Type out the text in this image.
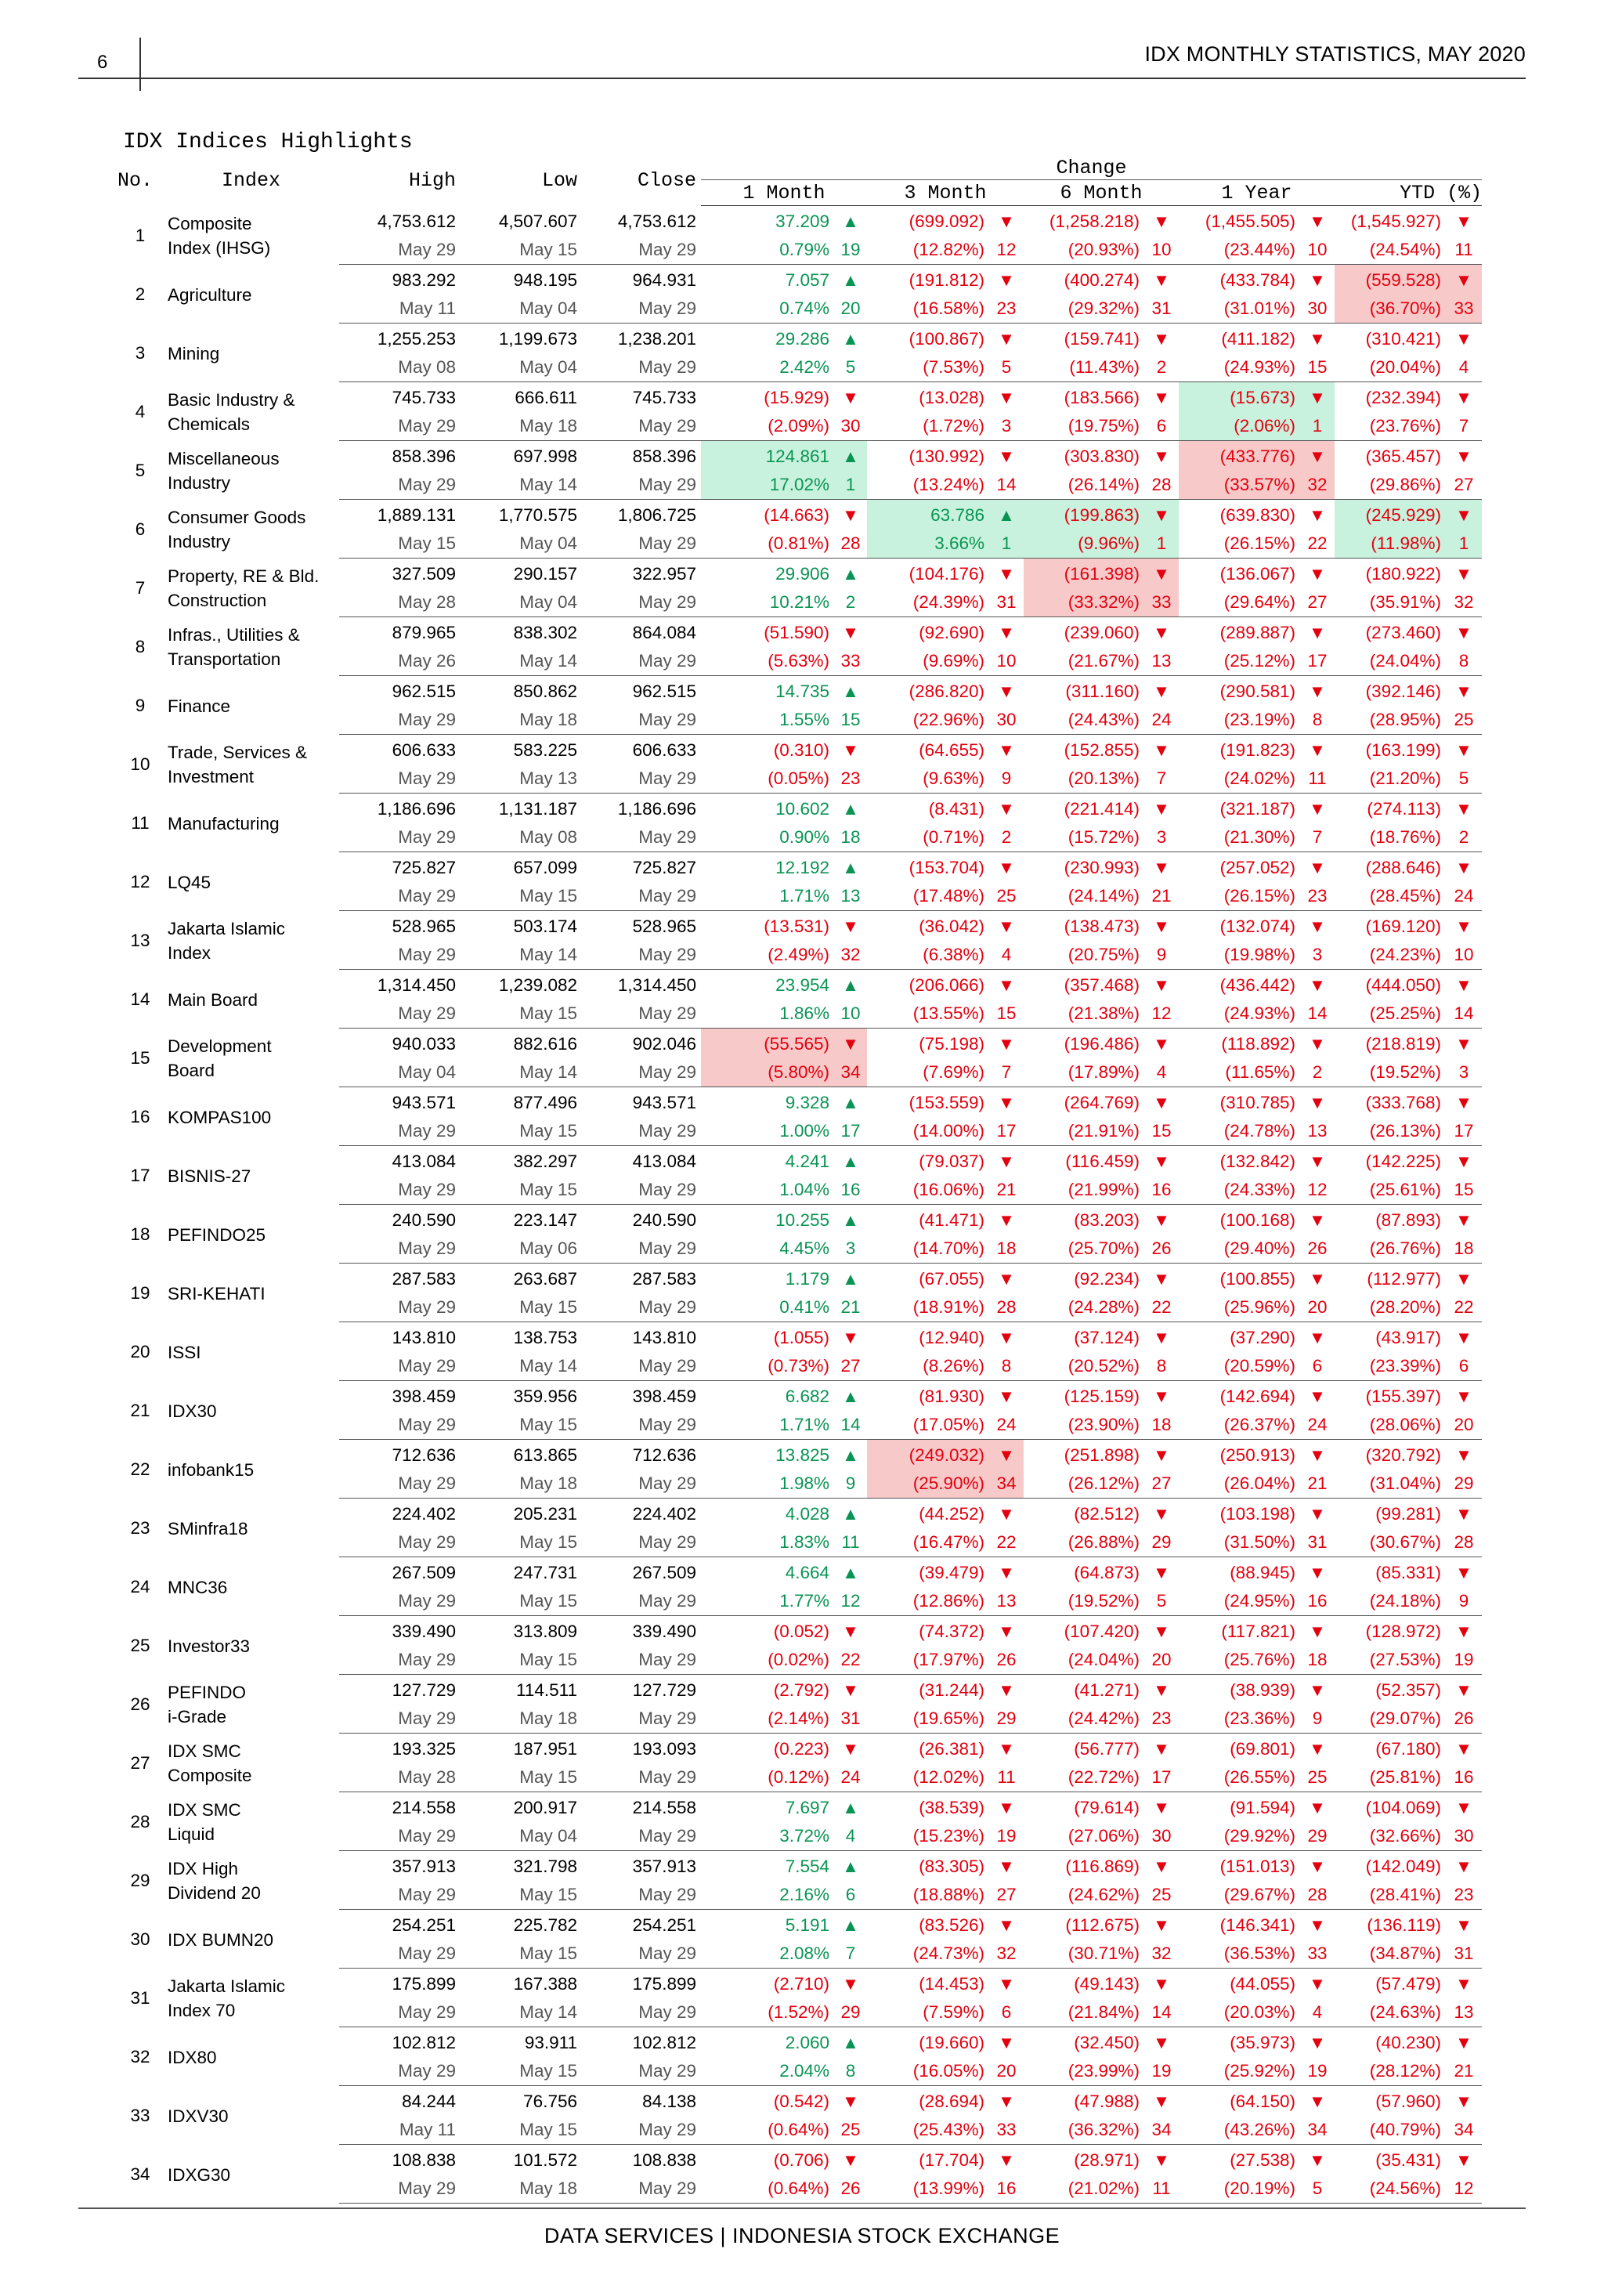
6	IDX MONTHLY STATISTICS, MAY 2020
IDX Indices Highlights
No.	Index	High	Low	Close	Change									
					1 Month		3 Month		6 Month		1 Year		YTD (%)	
1	Composite
Index (IHSG)	4,753.612	4,507.607	4,753.612	37.209	▲	(699.092)	▼	(1,258.218)	▼	(1,455.505)	▼	(1,545.927)	▼
		May 29	May 15	May 29	0.79%	19	(12.82%)	12	(20.93%)	10	(23.44%)	10	(24.54%)	11
2	Agriculture	983.292	948.195	964.931	7.057	▲	(191.812)	▼	(400.274)	▼	(433.784)	▼	(559.528)	▼
		May 11	May 04	May 29	0.74%	20	(16.58%)	23	(29.32%)	31	(31.01%)	30	(36.70%)	33
3	Mining	1,255.253	1,199.673	1,238.201	29.286	▲	(100.867)	▼	(159.741)	▼	(411.182)	▼	(310.421)	▼
		May 08	May 04	May 29	2.42%	5	(7.53%)	5	(11.43%)	2	(24.93%)	15	(20.04%)	4
4	Basic Industry &
Chemicals	745.733	666.611	745.733	(15.929)	▼	(13.028)	▼	(183.566)	▼	(15.673)	▼	(232.394)	▼
		May 29	May 18	May 29	(2.09%)	30	(1.72%)	3	(19.75%)	6	(2.06%)	1	(23.76%)	7
5	Miscellaneous
Industry	858.396	697.998	858.396	124.861	▲	(130.992)	▼	(303.830)	▼	(433.776)	▼	(365.457)	▼
		May 29	May 14	May 29	17.02%	1	(13.24%)	14	(26.14%)	28	(33.57%)	32	(29.86%)	27
6	Consumer Goods
Industry	1,889.131	1,770.575	1,806.725	(14.663)	▼	63.786	▲	(199.863)	▼	(639.830)	▼	(245.929)	▼
		May 15	May 04	May 29	(0.81%)	28	3.66%	1	(9.96%)	1	(26.15%)	22	(11.98%)	1
7	Property, RE & Bld.
Construction	327.509	290.157	322.957	29.906	▲	(104.176)	▼	(161.398)	▼	(136.067)	▼	(180.922)	▼
		May 28	May 04	May 29	10.21%	2	(24.39%)	31	(33.32%)	33	(29.64%)	27	(35.91%)	32
8	Infras., Utilities &
Transportation	879.965	838.302	864.084	(51.590)	▼	(92.690)	▼	(239.060)	▼	(289.887)	▼	(273.460)	▼
		May 26	May 14	May 29	(5.63%)	33	(9.69%)	10	(21.67%)	13	(25.12%)	17	(24.04%)	8
9	Finance	962.515	850.862	962.515	14.735	▲	(286.820)	▼	(311.160)	▼	(290.581)	▼	(392.146)	▼
		May 29	May 18	May 29	1.55%	15	(22.96%)	30	(24.43%)	24	(23.19%)	8	(28.95%)	25
10	Trade, Services &
Investment	606.633	583.225	606.633	(0.310)	▼	(64.655)	▼	(152.855)	▼	(191.823)	▼	(163.199)	▼
		May 29	May 13	May 29	(0.05%)	23	(9.63%)	9	(20.13%)	7	(24.02%)	11	(21.20%)	5
11	Manufacturing	1,186.696	1,131.187	1,186.696	10.602	▲	(8.431)	▼	(221.414)	▼	(321.187)	▼	(274.113)	▼
		May 29	May 08	May 29	0.90%	18	(0.71%)	2	(15.72%)	3	(21.30%)	7	(18.76%)	2
12	LQ45	725.827	657.099	725.827	12.192	▲	(153.704)	▼	(230.993)	▼	(257.052)	▼	(288.646)	▼
		May 29	May 15	May 29	1.71%	13	(17.48%)	25	(24.14%)	21	(26.15%)	23	(28.45%)	24
13	Jakarta Islamic
Index	528.965	503.174	528.965	(13.531)	▼	(36.042)	▼	(138.473)	▼	(132.074)	▼	(169.120)	▼
		May 29	May 14	May 29	(2.49%)	32	(6.38%)	4	(20.75%)	9	(19.98%)	3	(24.23%)	10
14	Main Board	1,314.450	1,239.082	1,314.450	23.954	▲	(206.066)	▼	(357.468)	▼	(436.442)	▼	(444.050)	▼
		May 29	May 15	May 29	1.86%	10	(13.55%)	15	(21.38%)	12	(24.93%)	14	(25.25%)	14
15	Development
Board	940.033	882.616	902.046	(55.565)	▼	(75.198)	▼	(196.486)	▼	(118.892)	▼	(218.819)	▼
		May 04	May 14	May 29	(5.80%)	34	(7.69%)	7	(17.89%)	4	(11.65%)	2	(19.52%)	3
16	KOMPAS100	943.571	877.496	943.571	9.328	▲	(153.559)	▼	(264.769)	▼	(310.785)	▼	(333.768)	▼
		May 29	May 15	May 29	1.00%	17	(14.00%)	17	(21.91%)	15	(24.78%)	13	(26.13%)	17
17	BISNIS-27	413.084	382.297	413.084	4.241	▲	(79.037)	▼	(116.459)	▼	(132.842)	▼	(142.225)	▼
		May 29	May 15	May 29	1.04%	16	(16.06%)	21	(21.99%)	16	(24.33%)	12	(25.61%)	15
18	PEFINDO25	240.590	223.147	240.590	10.255	▲	(41.471)	▼	(83.203)	▼	(100.168)	▼	(87.893)	▼
		May 29	May 06	May 29	4.45%	3	(14.70%)	18	(25.70%)	26	(29.40%)	26	(26.76%)	18
19	SRI-KEHATI	287.583	263.687	287.583	1.179	▲	(67.055)	▼	(92.234)	▼	(100.855)	▼	(112.977)	▼
		May 29	May 15	May 29	0.41%	21	(18.91%)	28	(24.28%)	22	(25.96%)	20	(28.20%)	22
20	ISSI	143.810	138.753	143.810	(1.055)	▼	(12.940)	▼	(37.124)	▼	(37.290)	▼	(43.917)	▼
		May 29	May 14	May 29	(0.73%)	27	(8.26%)	8	(20.52%)	8	(20.59%)	6	(23.39%)	6
21	IDX30	398.459	359.956	398.459	6.682	▲	(81.930)	▼	(125.159)	▼	(142.694)	▼	(155.397)	▼
		May 29	May 15	May 29	1.71%	14	(17.05%)	24	(23.90%)	18	(26.37%)	24	(28.06%)	20
22	infobank15	712.636	613.865	712.636	13.825	▲	(249.032)	▼	(251.898)	▼	(250.913)	▼	(320.792)	▼
		May 29	May 18	May 29	1.98%	9	(25.90%)	34	(26.12%)	27	(26.04%)	21	(31.04%)	29
23	SMinfra18	224.402	205.231	224.402	4.028	▲	(44.252)	▼	(82.512)	▼	(103.198)	▼	(99.281)	▼
		May 29	May 15	May 29	1.83%	11	(16.47%)	22	(26.88%)	29	(31.50%)	31	(30.67%)	28
24	MNC36	267.509	247.731	267.509	4.664	▲	(39.479)	▼	(64.873)	▼	(88.945)	▼	(85.331)	▼
		May 29	May 15	May 29	1.77%	12	(12.86%)	13	(19.52%)	5	(24.95%)	16	(24.18%)	9
25	Investor33	339.490	313.809	339.490	(0.052)	▼	(74.372)	▼	(107.420)	▼	(117.821)	▼	(128.972)	▼
		May 29	May 15	May 29	(0.02%)	22	(17.97%)	26	(24.04%)	20	(25.76%)	18	(27.53%)	19
26	PEFINDO
i-Grade	127.729	114.511	127.729	(2.792)	▼	(31.244)	▼	(41.271)	▼	(38.939)	▼	(52.357)	▼
		May 29	May 18	May 29	(2.14%)	31	(19.65%)	29	(24.42%)	23	(23.36%)	9	(29.07%)	26
27	IDX SMC
Composite	193.325	187.951	193.093	(0.223)	▼	(26.381)	▼	(56.777)	▼	(69.801)	▼	(67.180)	▼
		May 28	May 15	May 29	(0.12%)	24	(12.02%)	11	(22.72%)	17	(26.55%)	25	(25.81%)	16
28	IDX SMC
Liquid	214.558	200.917	214.558	7.697	▲	(38.539)	▼	(79.614)	▼	(91.594)	▼	(104.069)	▼
		May 29	May 04	May 29	3.72%	4	(15.23%)	19	(27.06%)	30	(29.92%)	29	(32.66%)	30
29	IDX High
Dividend 20	357.913	321.798	357.913	7.554	▲	(83.305)	▼	(116.869)	▼	(151.013)	▼	(142.049)	▼
		May 29	May 15	May 29	2.16%	6	(18.88%)	27	(24.62%)	25	(29.67%)	28	(28.41%)	23
30	IDX BUMN20	254.251	225.782	254.251	5.191	▲	(83.526)	▼	(112.675)	▼	(146.341)	▼	(136.119)	▼
		May 29	May 15	May 29	2.08%	7	(24.73%)	32	(30.71%)	32	(36.53%)	33	(34.87%)	31
31	Jakarta Islamic
Index 70	175.899	167.388	175.899	(2.710)	▼	(14.453)	▼	(49.143)	▼	(44.055)	▼	(57.479)	▼
		May 29	May 14	May 29	(1.52%)	29	(7.59%)	6	(21.84%)	14	(20.03%)	4	(24.63%)	13
32	IDX80	102.812	93.911	102.812	2.060	▲	(19.660)	▼	(32.450)	▼	(35.973)	▼	(40.230)	▼
		May 29	May 15	May 29	2.04%	8	(16.05%)	20	(23.99%)	19	(25.92%)	19	(28.12%)	21
33	IDXV30	84.244	76.756	84.138	(0.542)	▼	(28.694)	▼	(47.988)	▼	(64.150)	▼	(57.960)	▼
		May 11	May 15	May 29	(0.64%)	25	(25.43%)	33	(36.32%)	34	(43.26%)	34	(40.79%)	34
34	IDXG30	108.838	101.572	108.838	(0.706)	▼	(17.704)	▼	(28.971)	▼	(27.538)	▼	(35.431)	▼
		May 29	May 18	May 29	(0.64%)	26	(13.99%)	16	(21.02%)	11	(20.19%)	5	(24.56%)	12
DATA SERVICES | INDONESIA STOCK EXCHANGE
